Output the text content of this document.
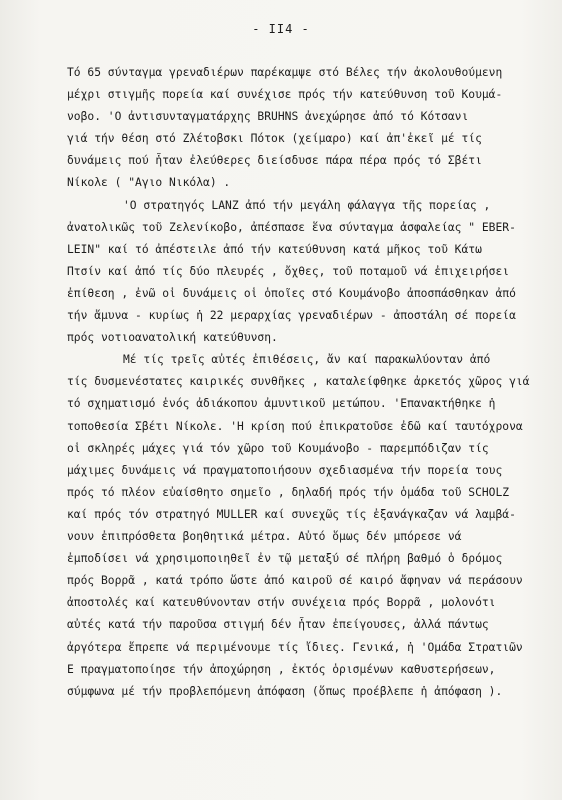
- II4 -
Τό 65 σύνταγμα γρεναδιέρων παρέκαμψε στό Βέλες τήν ἀκολουθούμενη
μέχρι στιγμῆς πορεία καί συνέχισε πρός τήν κατεύθυνση τοῦ Κουμά-
νοβο. 'Ο ἀντισυνταγματάρχης BRUHNS ἀνεχώρησε ἀπό τό Κότσανι
γιά τήν θέση στό Ζλέτοβσκι Πότοκ (χείμαρο) καί ἀπ'ἐκεῖ μέ τίς
δυνάμεις πού ἦταν ἐλεύθερες διείσδυσε πάρα πέρα πρός τό Σβέτι
Νίκολε ( "Αγιο Νικόλα) .
'Ο στρατηγός LANZ ἀπό τήν μεγάλη φάλαγγα τῆς πορείας ,
ἀνατολικῶς τοῦ Ζελενίκοβο, ἀπέσπασε ἕνα σύνταγμα ἀσφαλείας " EBER-
LEIN" καί τό ἀπέστειλε ἀπό τήν κατεύθυνση κατά μῆκος τοῦ Κάτω
Πτσίν καί ἀπό τίς δύο πλευρές , ὄχθες, τοῦ ποταμοῦ νά ἐπιχειρήσει
ἐπίθεση , ἐνῶ οἱ δυνάμεις οἱ ὁποῖες στό Κουμάνοβο ἀποσπάσθηκαν ἀπό
τήν ἄμυνα - κυρίως ἡ 22 μεραρχίας γρεναδιέρων - ἀποστάλη σέ πορεία
πρός νοτιοανατολική κατεύθυνση.
Μέ τίς τρεῖς αὐτές ἐπιθέσεις, ἄν καί παρακωλύονταν ἀπό
τίς δυσμενέστατες καιρικές συνθῆκες , καταλείφθηκε ἀρκετός χῶρος γιά
τό σχηματισμό ἑνός ἀδιάκοπου ἀμυντικοῦ μετώπου. 'Επανακτήθηκε ἡ
τοποθεσία Σβέτι Νίκολε. 'Η κρίση πού ἐπικρατοῦσε ἐδῶ καί ταυτόχρονα
οἱ σκληρές μάχες γιά τόν χῶρο τοῦ Κουμάνοβο - παρεμπόδιζαν τίς
μάχιμες δυνάμεις νά πραγματοποιήσουν σχεδιασμένα τήν πορεία τους
πρός τό πλέον εὐαίσθητο σημεῖο , δηλαδή πρός τήν ὁμάδα τοῦ SCHOLZ
καί πρός τόν στρατηγό MULLER καί συνεχῶς τίς ἐξανάγκαζαν νά λαμβά-
νουν ἐπιπρόσθετα βοηθητικά μέτρα. Αὐτό ὅμως δέν μπόρεσε νά
ἐμποδίσει νά χρησιμοποιηθεῖ ἐν τῷ μεταξύ σέ πλήρη βαθμό ὁ δρόμος
πρός Βορρᾶ , κατά τρόπο ὥστε ἀπό καιροῦ σέ καιρό ἄφηναν νά περάσουν
ἀποστολές καί κατευθύνονταν στήν συνέχεια πρός Βορρᾶ , μολονότι
αὐτές κατά τήν παροῦσα στιγμή δέν ἦταν ἐπείγουσες, ἀλλά πάντως
ἀργότερα ἔπρεπε νά περιμένουμε τίς ἴδιες. Γενικά, ἡ 'Ομάδα Στρατιῶν
Ε πραγματοποίησε τήν ἀποχώρηση , ἐκτός ὁρισμένων καθυστερήσεων,
σύμφωνα μέ τήν προβλεπόμενη ἀπόφαση (ὅπως προέβλεπε ἡ ἀπόφαση ).
